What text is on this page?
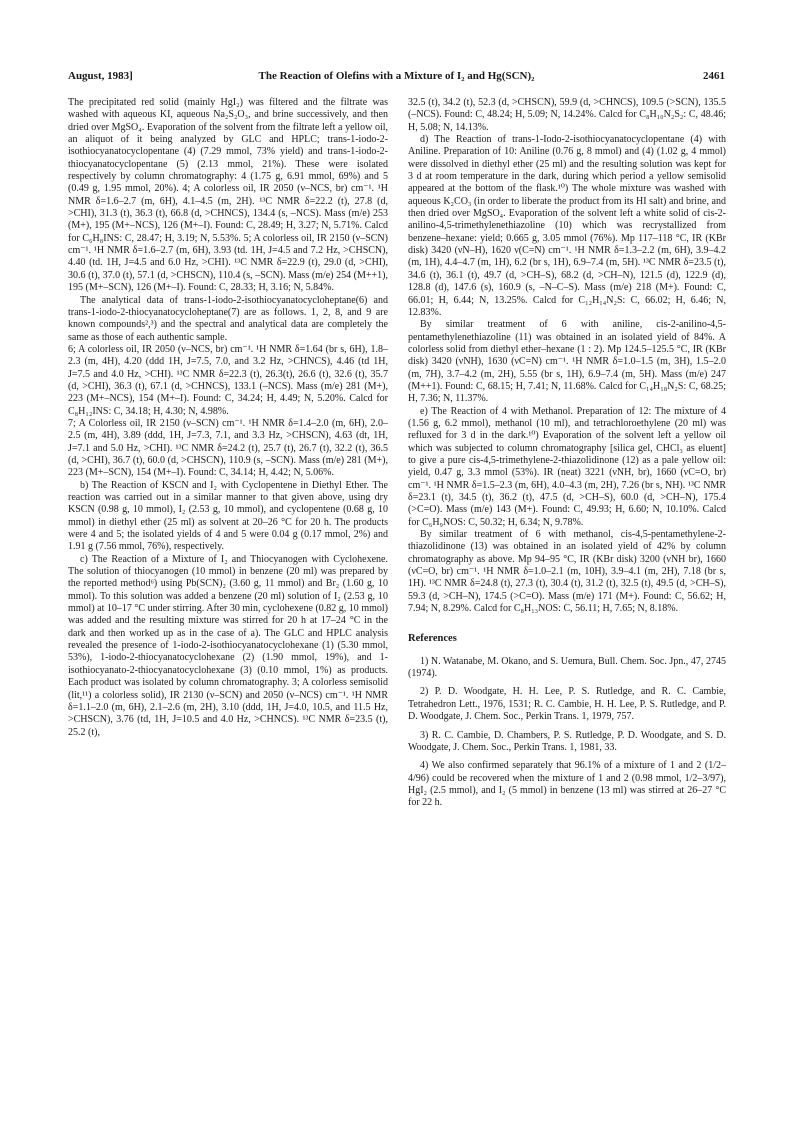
August, 1983]	The Reaction of Olefins with a Mixture of I₂ and Hg(SCN)₂	2461

The precipitated red solid (mainly HgI₂) was filtered and the filtrate was washed with aqueous KI, aqueous Na₂S₂O₃, and brine successively, and then dried over MgSO₄. Evaporation of the solvent from the filtrate left a yellow oil, an aliquot of it being analyzed by GLC and HPLC; trans-1-iodo-2-isothiocyanatocyclopentane (4) (7.29 mmol, 73% yield) and trans-1-iodo-2-thiocyanatocyclopentane (5) (2.13 mmol, 21%). These were isolated respectively by column chromatography: 4 (1.75 g, 6.91 mmol, 69%) and 5 (0.49 g, 1.95 mmol, 20%). 4; A colorless oil, IR 2050 (ν–NCS, br) cm⁻¹. ¹H NMR δ=1.6–2.7 (m, 6H), 4.1–4.5 (m, 2H). ¹³C NMR δ=22.2 (t), 27.8 (d, >CHI), 31.3 (t), 36.3 (t), 66.8 (d, >CHNCS), 134.4 (s, –NCS). Mass (m/e) 253 (M+), 195 (M+–NCS), 126 (M+–I). Found: C, 28.49; H, 3.27; N, 5.71%. Calcd for C₆H₈INS: C, 28.47; H, 3.19; N, 5.53%. 5; A colorless oil, IR 2150 (ν–SCN) cm⁻¹. ¹H NMR δ=1.6–2.7 (m, 6H), 3.93 (td. 1H, J=4.5 and 7.2 Hz, >CHSCN), 4.40 (td. 1H, J=4.5 and 6.0 Hz, >CHI). ¹³C NMR δ=22.9 (t), 29.0 (d, >CHI), 30.6 (t), 37.0 (t), 57.1 (d, >CHSCN), 110.4 (s, –SCN). Mass (m/e) 254 (M++1), 195 (M+–SCN), 126 (M+–I). Found: C, 28.33; H, 3.16; N, 5.84%.

The analytical data of trans-1-iodo-2-isothiocyanatocycloheptane(6) and trans-1-iodo-2-thiocyanatocycloheptane(7) are as follows. 1, 2, 8, and 9 are known compounds²,³) and the spectral and analytical data are completely the same as those of each authentic sample.

6; A colorless oil, IR 2050 (ν–NCS, br) cm⁻¹. ¹H NMR δ=1.64 (br s, 6H), 1.8–2.3 (m, 4H), 4.20 (ddd 1H, J=7.5, 7.0, and 3.2 Hz, >CHNCS), 4.46 (td 1H, J=7.5 and 4.0 Hz, >CHI). ¹³C NMR δ=22.3 (t), 26.3(t), 26.6 (t), 32.6 (t), 35.7 (d, >CHI), 36.3 (t), 67.1 (d, >CHNCS), 133.1 (–NCS). Mass (m/e) 281 (M+), 223 (M+–NCS), 154 (M+–I). Found: C, 34.24; H, 4.49; N, 5.20%. Calcd for C₈H₁₂INS: C, 34.18; H, 4.30; N, 4.98%.

7; A Colorless oil, IR 2150 (ν–SCN) cm⁻¹. ¹H NMR δ=1.4–2.0 (m, 6H), 2.0–2.5 (m, 4H), 3.89 (ddd, 1H, J=7.3, 7.1, and 3.3 Hz, >CHSCN), 4.63 (dt, 1H, J=7.1 and 5.0 Hz, >CHI). ¹³C NMR δ=24.2 (t), 25.7 (t), 26.7 (t), 32.2 (t), 36.5 (d, >CHI), 36.7 (t), 60.0 (d, >CHSCN), 110.9 (s, –SCN). Mass (m/e) 281 (M+), 223 (M+–SCN), 154 (M+–I). Found: C, 34.14; H, 4.42; N, 5.06%.

b) The Reaction of KSCN and I₂ with Cyclopentene in Diethyl Ether. The reaction was carried out in a similar manner to that given above, using dry KSCN (0.98 g, 10 mmol), I₂ (2.53 g, 10 mmol), and cyclopentene (0.68 g, 10 mmol) in diethyl ether (25 ml) as solvent at 20–26 °C for 20 h. The products were 4 and 5; the isolated yields of 4 and 5 were 0.04 g (0.17 mmol, 2%) and 1.91 g (7.56 mmol, 76%), respectively.

c) The Reaction of a Mixture of I₂ and Thiocyanogen with Cyclohexene. The solution of thiocyanogen (10 mmol) in benzene (20 ml) was prepared by the reported method⁶) using Pb(SCN)₂ (3.60 g, 11 mmol) and Br₂ (1.60 g, 10 mmol). To this solution was added a benzene (20 ml) solution of I₂ (2.53 g, 10 mmol) at 10–17 °C under stirring. After 30 min, cyclohexene (0.82 g, 10 mmol) was added and the resulting mixture was stirred for 20 h at 17–24 °C in the dark and then worked up as in the case of a). The GLC and HPLC analysis revealed the presence of 1-iodo-2-isothiocyanatocyclohexane (1) (5.30 mmol, 53%), 1-iodo-2-thiocyanatocyclohexane (2) (1.90 mmol, 19%), and 1-isothiocyanato-2-thiocyanatocyclohexane (3) (0.10 mmol, 1%) as products. Each product was isolated by column chromatography. 3; A colorless semisolid (lit,¹¹) a colorless solid), IR 2130 (ν–SCN) and 2050 (ν–NCS) cm⁻¹. ¹H NMR δ=1.1–2.0 (m, 6H), 2.1–2.6 (m, 2H), 3.10 (ddd, 1H, J=4.0, 10.5, and 11.5 Hz, >CHSCN), 3.76 (td, 1H, J=10.5 and 4.0 Hz, >CHNCS). ¹³C NMR δ=23.5 (t), 25.2 (t),

32.5 (t), 34.2 (t), 52.3 (d, >CHSCN), 59.9 (d, >CHNCS), 109.5 (>SCN), 135.5 (–NCS). Found: C, 48.24; H, 5.09; N, 14.24%. Calcd for C₈H₁₀N₂S₂: C, 48.46; H, 5.08; N, 14.13%.

d) The Reaction of trans-1-Iodo-2-isothiocyanatocyclopentane (4) with Aniline. Preparation of 10: Aniline (0.76 g, 8 mmol) and (4) (1.02 g, 4 mmol) were dissolved in diethyl ether (25 ml) and the resulting solution was kept for 3 d at room temperature in the dark, during which period a yellow semisolid appeared at the bottom of the flask.¹⁰) The whole mixture was washed with aqueous K₂CO₃ (in order to liberate the product from its HI salt) and brine, and then dried over MgSO₄. Evaporation of the solvent left a white solid of cis-2-anilino-4,5-trimethylenethiazoline (10) which was recrystallized from benzene–hexane: yield; 0.665 g, 3.05 mmol (76%). Mp 117–118 °C, IR (KBr disk) 3420 (νN–H), 1620 ν(C=N) cm⁻¹. ¹H NMR δ=1.3–2.2 (m, 6H), 3.9–4.2 (m, 1H), 4.4–4.7 (m, 1H), 6.2 (br s, 1H), 6.9–7.4 (m, 5H). ¹³C NMR δ=23.5 (t), 34.6 (t), 36.1 (t), 49.7 (d, >CH–S), 68.2 (d, >CH–N), 121.5 (d), 122.9 (d), 128.8 (d), 147.6 (s), 160.9 (s, –N–C–S). Mass (m/e) 218 (M+). Found: C, 66.01; H, 6.44; N, 13.25%. Calcd for C₁₂H₁₄N₂S: C, 66.02; H, 6.46; N, 12.83%.

By similar treatment of 6 with aniline, cis-2-anilino-4,5-pentamethylenethiazoline (11) was obtained in an isolated yield of 84%. A colorless solid from diethyl ether–hexane (1 : 2). Mp 124.5–125.5 °C, IR (KBr disk) 3420 (νNH), 1630 (νC=N) cm⁻¹. ¹H NMR δ=1.0–1.5 (m, 3H), 1.5–2.0 (m, 7H), 3.7–4.2 (m, 2H), 5.55 (br s, 1H), 6.9–7.4 (m, 5H). Mass (m/e) 247 (M++1). Found: C, 68.15; H, 7.41; N, 11.68%. Calcd for C₁₄H₁₈N₂S: C, 68.25; H, 7.36; N, 11.37%.

e) The Reaction of 4 with Methanol. Preparation of 12: The mixture of 4 (1.56 g, 6.2 mmol), methanol (10 ml), and tetrachloroethylene (20 ml) was refluxed for 3 d in the dark.¹⁰) Evaporation of the solvent left a yellow oil which was subjected to column chromatography [silica gel, CHCl₃ as eluent] to give a pure cis-4,5-trimethylene-2-thiazolidinone (12) as a pale yellow oil: yield, 0.47 g, 3.3 mmol (53%). IR (neat) 3221 (νNH, br), 1660 (νC=O, br) cm⁻¹. ¹H NMR δ=1.5–2.3 (m, 6H), 4.0–4.3 (m, 2H), 7.26 (br s, NH). ¹³C NMR δ=23.1 (t), 34.5 (t), 36.2 (t), 47.5 (d, >CH–S), 60.0 (d, >CH–N), 175.4 (>C=O). Mass (m/e) 143 (M+). Found: C, 49.93; H, 6.60; N, 10.10%. Calcd for C₆H₉NOS: C, 50.32; H, 6.34; N, 9.78%.

By similar treatment of 6 with methanol, cis-4,5-pentamethylene-2-thiazolidinone (13) was obtained in an isolated yield of 42% by column chromatography as above. Mp 94–95 °C, IR (KBr disk) 3200 (νNH br), 1660 (νC=O, br) cm⁻¹. ¹H NMR δ=1.0–2.1 (m, 10H), 3.9–4.1 (m, 2H), 7.18 (br s, 1H). ¹³C NMR δ=24.8 (t), 27.3 (t), 30.4 (t), 31.2 (t), 32.5 (t), 49.5 (d, >CH–S), 59.3 (d, >CH–N), 174.5 (>C=O). Mass (m/e) 171 (M+). Found: C, 56.62; H, 7.94; N, 8.29%. Calcd for C₈H₁₃NOS: C, 56.11; H, 7.65; N, 8.18%.

References

1) N. Watanabe, M. Okano, and S. Uemura, Bull. Chem. Soc. Jpn., 47, 2745 (1974).

2) P. D. Woodgate, H. H. Lee, P. S. Rutledge, and R. C. Cambie, Tetrahedron Lett., 1976, 1531; R. C. Cambie, H. H. Lee, P. S. Rutledge, and P. D. Woodgate, J. Chem. Soc., Perkin Trans. 1, 1979, 757.

3) R. C. Cambie, D. Chambers, P. S. Rutledge, P. D. Woodgate, and S. D. Woodgate, J. Chem. Soc., Perkin Trans. 1, 1981, 33.

4) We also confirmed separately that 96.1% of a mixture of 1 and 2 (1/2–4/96) could be recovered when the mixture of 1 and 2 (0.98 mmol, 1/2–3/97), HgI₂ (2.5 mmol), and I₂ (5 mmol) in benzene (13 ml) was stirred at 26–27 °C for 22 h.
